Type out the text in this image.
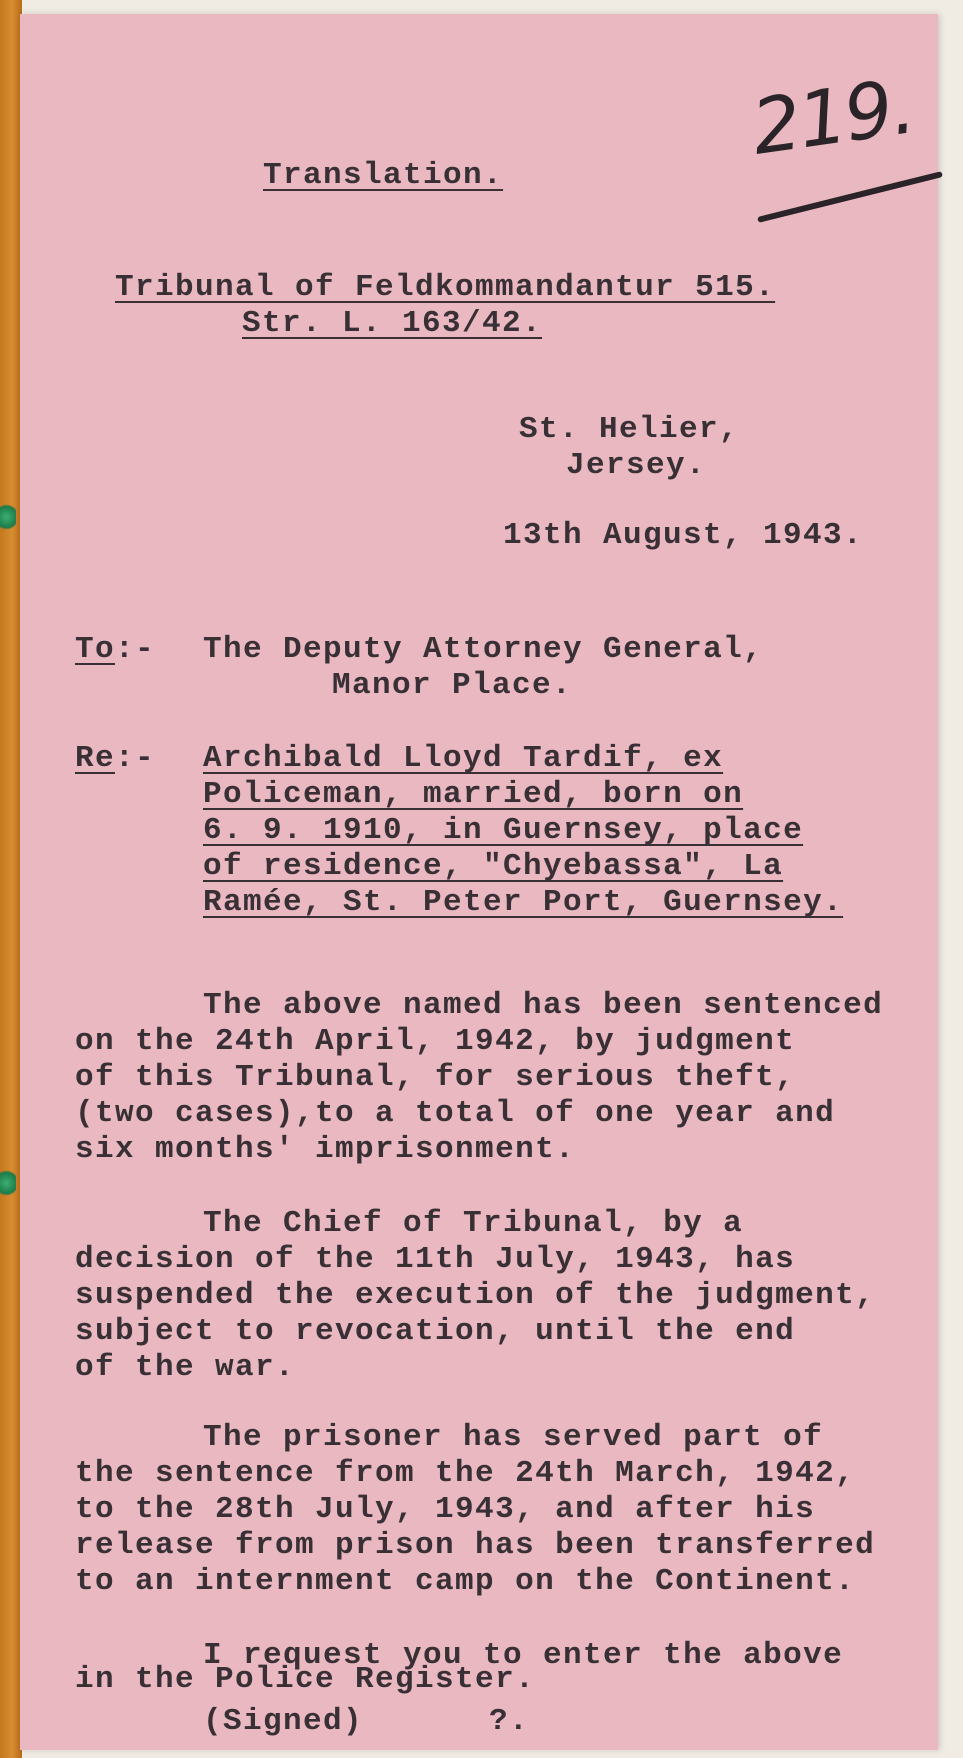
219.
Translation.
Tribunal of Feldkommandantur 515.
Str. L. 163/42.
St. Helier,
Jersey.
13th August, 1943.
To:- The Deputy Attorney General,
Manor Place.
Re:- Archibald Lloyd Tardif, ex
Policeman, married, born on
6. 9. 1910, in Guernsey, place
of residence, "Chyebassa", La
Ramée, St. Peter Port, Guernsey.
The above named has been sentenced
on the 24th April, 1942, by judgment
of this Tribunal, for serious theft,
(two cases),to a total of one year and
six months' imprisonment.
The Chief of Tribunal, by a
decision of the 11th July, 1943, has
suspended the execution of the judgment,
subject to revocation, until the end
of the war.
The prisoner has served part of
the sentence from the 24th March, 1942,
to the 28th July, 1943, and after his
release from prison has been transferred
to an internment camp on the Continent.
I request you to enter the above
in the Police Register.
(Signed)	?.
